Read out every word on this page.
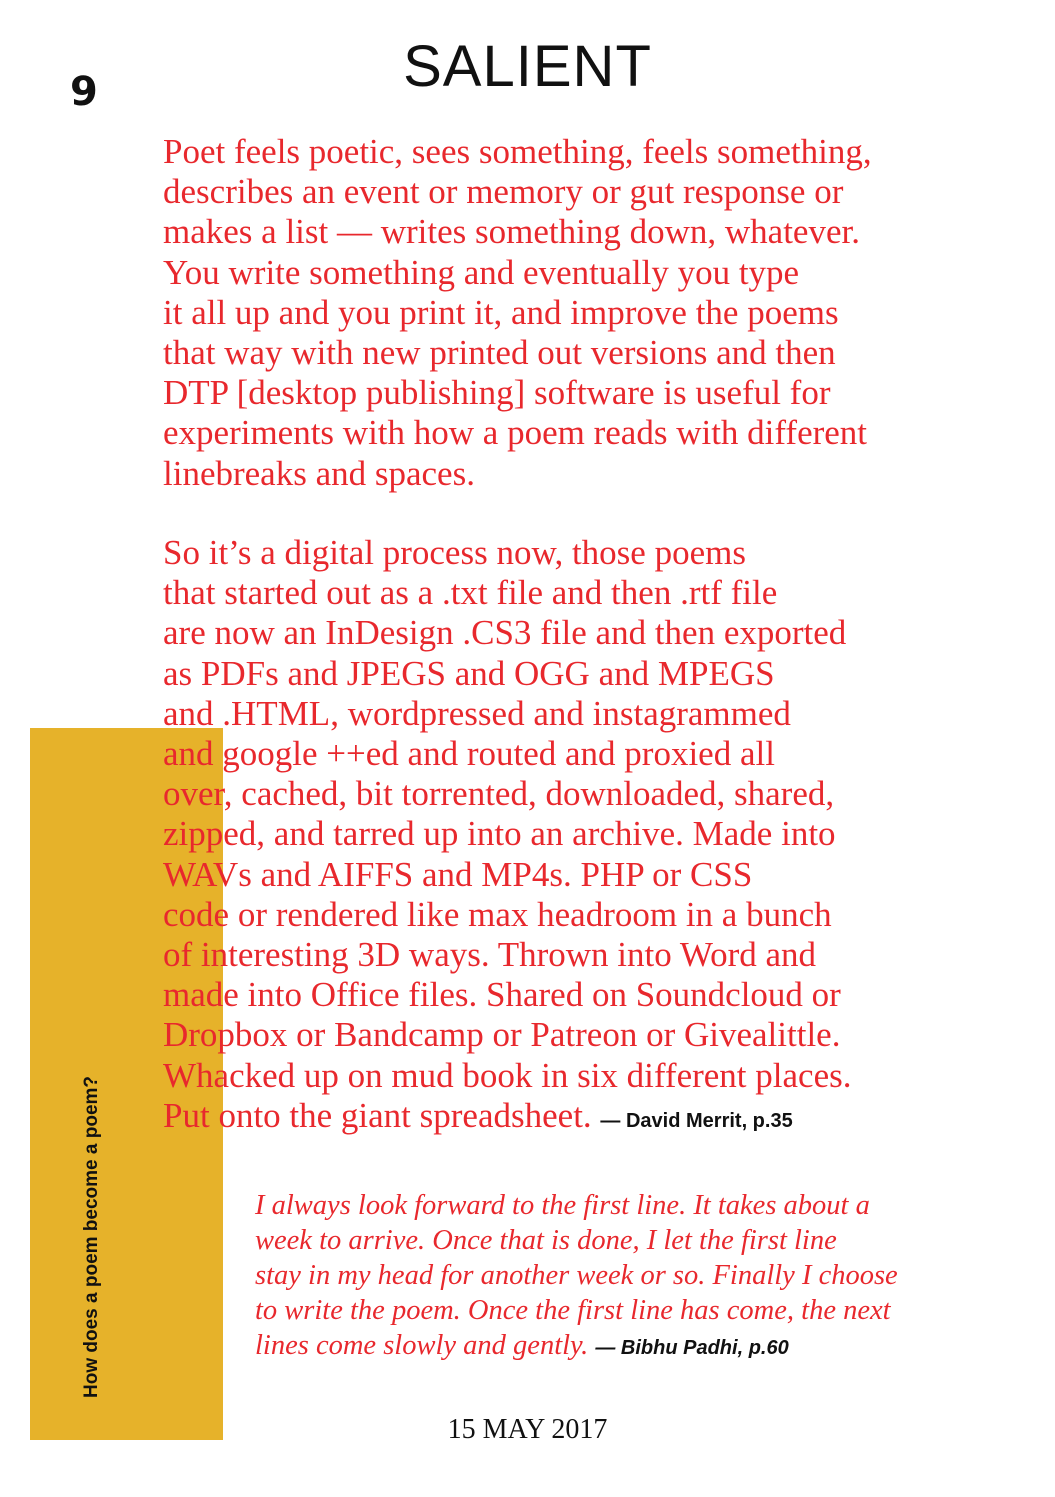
9	SALIENT
How does a poem become a poem?
Poet feels poetic, sees something, feels something,
describes an event or memory or gut response or
makes a list — writes something down, whatever.
You write something and eventually you type
it all up and you print it, and improve the poems
that way with new printed out versions and then
DTP [desktop publishing] software is useful for
experiments with how a poem reads with different
linebreaks and spaces.
So it’s a digital process now, those poems
that started out as a .txt file and then .rtf file
are now an InDesign .CS3 file and then exported
as PDFs and JPEGS and OGG and MPEGS
and .HTML, wordpressed and instagrammed
and google ++ed and routed and proxied all
over, cached, bit torrented, downloaded, shared,
zipped, and tarred up into an archive. Made into
WAVs and AIFFS and MP4s. PHP or CSS
code or rendered like max headroom in a bunch
of interesting 3D ways. Thrown into Word and
made into Office files. Shared on Soundcloud or
Dropbox or Bandcamp or Patreon or Givealittle.
Whacked up on mud book in six different places.
Put onto the giant spreadsheet. — David Merrit, p.35
I always look forward to the first line. It takes about a
week to arrive. Once that is done, I let the first line
stay in my head for another week or so. Finally I choose
to write the poem. Once the first line has come, the next
lines come slowly and gently. — Bibhu Padhi, p.60
15 MAY 2017
